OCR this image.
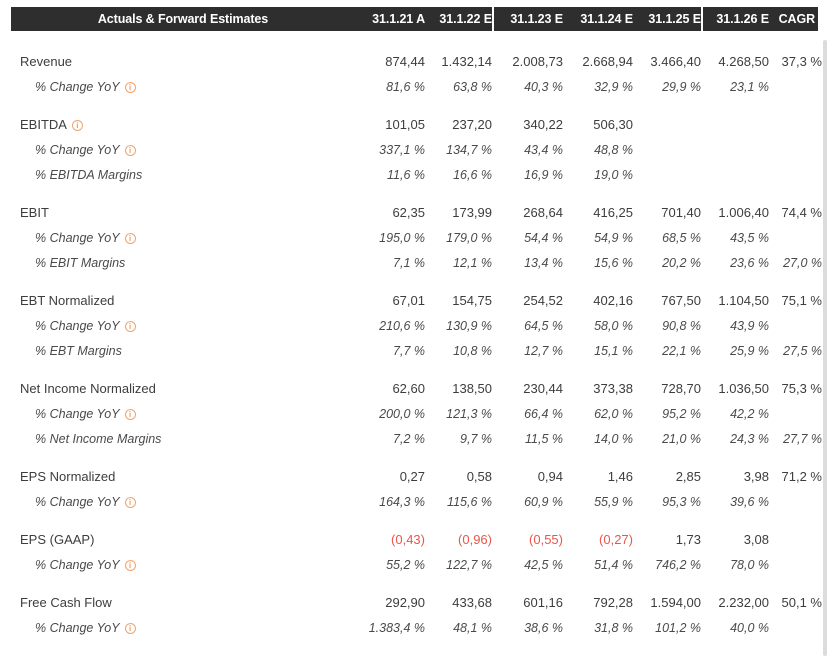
Actuals & Forward Estimates	31.1.21 A	31.1.22 E	31.1.23 E	31.1.24 E	31.1.25 E	31.1.26 E CAGR
Revenue	874,44	1.432,14	2.008,73	2.668,94	3.466,40	4.268,50 37,3 %
% Change YoY	i	81,6 %	63,8 %	40,3 %	32,9 %	29,9 %	23,1 %
EBITDA	i	101,05	237,20	340,22	506,30
% Change YoY	i	337,1 %	134,7 %	43,4 %	48,8 %
% EBITDA Margins	11,6 %	16,6 %	16,9 %	19,0 %
EBIT	62,35	173,99	268,64	416,25	701,40	1.006,40 74,4 %
% Change YoY	i	195,0 %	179,0 %	54,4 %	54,9 %	68,5 %	43,5 %
% EBIT Margins	7,1 %	12,1 %	13,4 %	15,6 %	20,2 %	23,6 %	27,0 %
EBT Normalized	67,01	154,75	254,52	402,16	767,50	1.104,50 75,1 %
% Change YoY	i	210,6 %	130,9 %	64,5 %	58,0 %	90,8 %	43,9 %
% EBT Margins	7,7 %	10,8 %	12,7 %	15,1 %	22,1 %	25,9 %	27,5 %
Net Income Normalized	62,60	138,50	230,44	373,38	728,70	1.036,50 75,3 %
% Change YoY	i	200,0 %	121,3 %	66,4 %	62,0 %	95,2 %	42,2 %
% Net Income Margins	7,2 %	9,7 %	11,5 %	14,0 %	21,0 %	24,3 %	27,7 %
EPS Normalized	0,27	0,58	0,94	1,46	2,85	3,98 71,2 %
% Change YoY	i	164,3 %	115,6 %	60,9 %	55,9 %	95,3 %	39,6 %
EPS (GAAP)	(0,43)	(0,96)	(0,55)	(0,27)	1,73	3,08
% Change YoY	i	55,2 %	122,7 %	42,5 %	51,4 %	746,2 %	78,0 %
Free Cash Flow	292,90	433,68	601,16	792,28	1.594,00	2.232,00 50,1 %
% Change YoY	i	1.383,4 %	48,1 %	38,6 %	31,8 %	101,2 %	40,0 %
